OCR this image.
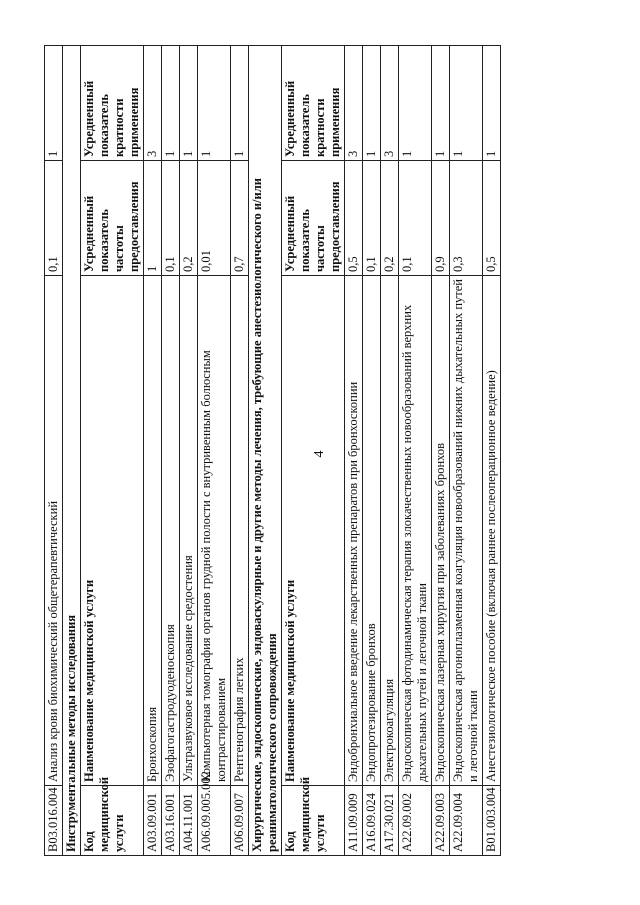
4
B03.016.004	Анализ крови биохимический общетерапевтический	0,1	1
Инструментальные методы исследования			
Код медицинской услуги	Наименование медицинской услуги	Усредненный показатель частоты предоставления	Усредненный показатель кратности применения
A03.09.001	Бронхоскопия	1	3
A03.16.001	Эзофагогастродуоденоскопия	0,1	1
A04.11.001	Ультразвуковое исследование средостения	0,2	1
A06.09.005.002	Компьютерная томография органов грудной полости с внутривенным болюсным контрастированием	0,01	1
A06.09.007	Рентгенография легких	0,7	1
Хирургические, эндоскопические, эндоваскулярные и другие методы лечения, требующие анестезиологического и/или реаниматологического сопровождения			
Код медицинской услуги	Наименование медицинской услуги	Усредненный показатель частоты предоставления	Усредненный показатель кратности применения
A11.09.009	Эндобронхиальное введение лекарственных препаратов при бронхоскопии	0,5	3
A16.09.024	Эндопротезирование бронхов	0,1	1
A17.30.021	Электрокоагуляция	0,2	3
A22.09.002	Эндоскопическая фотодинамическая терапия злокачественных новообразований верхних дыхательных путей и легочной ткани	0,1	1
A22.09.003	Эндоскопическая лазерная хирургия при заболеваниях бронхов	0,9	1
A22.09.004	Эндоскопическая аргоноплазменная коагуляция новообразований нижних дыхательных путей и легочной ткани	0,3	1
B01.003.004	Анестезиологическое пособие (включая раннее послеоперационное ведение)	0,5	1
